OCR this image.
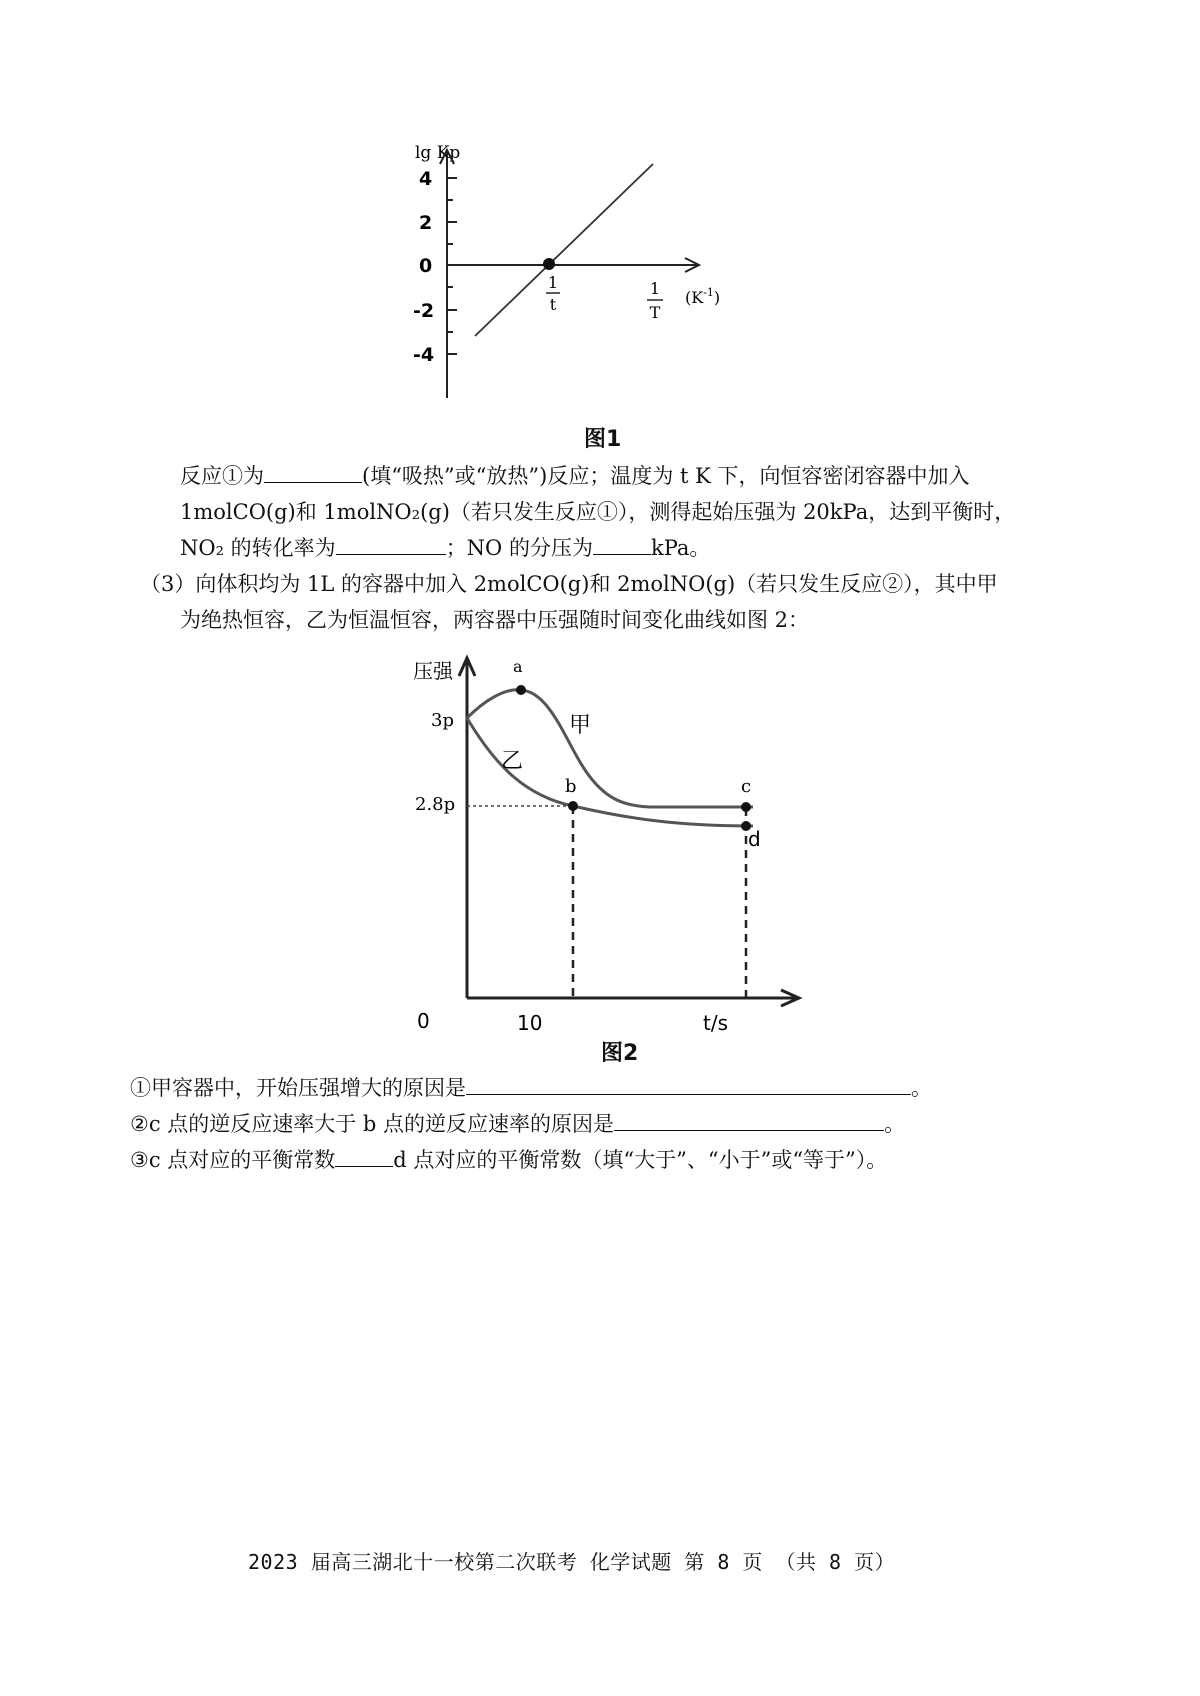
lg Kp
4
2
0
-2
-4
1
t
1
T
$(K^{-1})$
图1
反应①为	(填“吸热”或“放热”)反应；温度为 t K 下，向恒容密闭容器中加入
1molCO(g)和 1molNO₂(g)（若只发生反应①），测得起始压强为 20kPa，达到平衡时，
NO₂ 的转化率为	；NO 的分压为	kPa。
（3）向体积均为 1L 的容器中加入 2molCO(g)和 2molNO(g)（若只发生反应②），其中甲
为绝热恒容，乙为恒温恒容，两容器中压强随时间变化曲线如图 2：
压强
3p
2.8p
a
b	c
d
甲
乙
0	10	t/s
图2
①甲容器中，开始压强增大的原因是	。
②c 点的逆反应速率大于 b 点的逆反应速率的原因是	。
③c 点对应的平衡常数	d 点对应的平衡常数（填“大于”、“小于”或“等于”）。
2023 届高三湖北十一校第二次联考 化学试题 第 8 页 （共 8 页）
